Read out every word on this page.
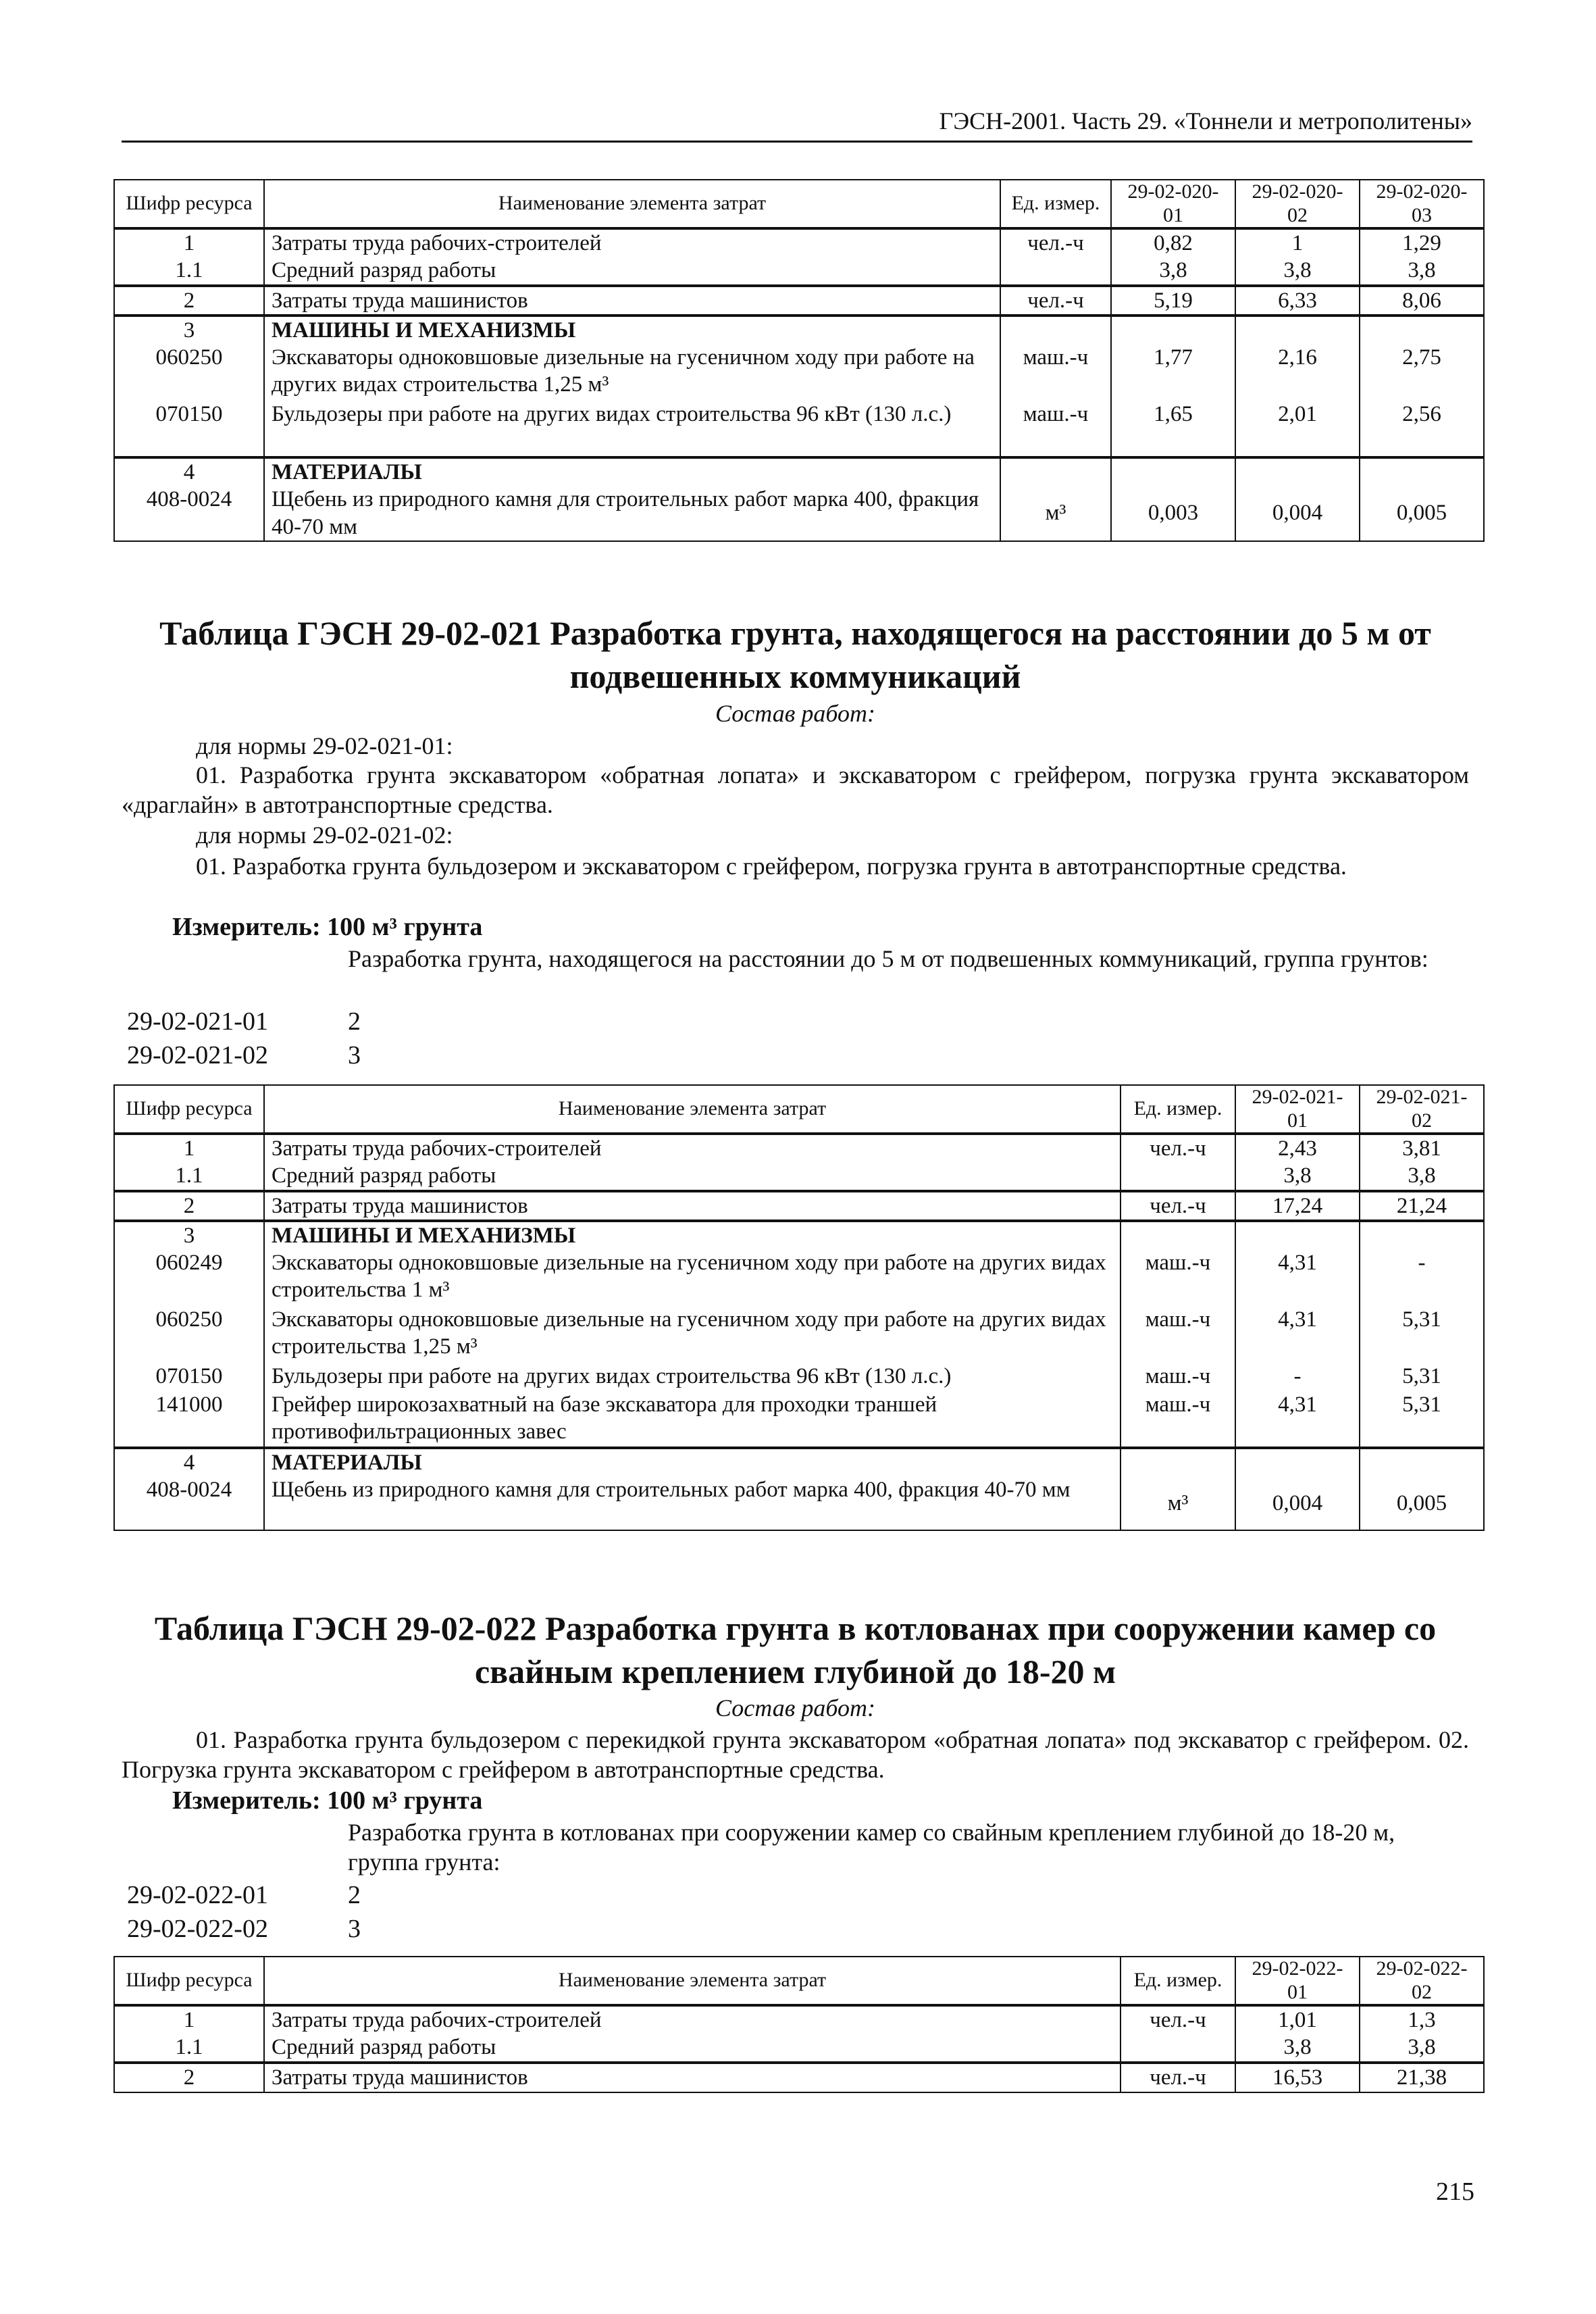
ГЭСН-2001. Часть 29. «Тоннели и метрополитены»
Шифр ресурса	Наименование элемента затрат	Ед. измер.	29-02-020-01	29-02-020-02	29-02-020-03
1	Затраты труда рабочих-строителей	чел.-ч	0,82	1	1,29
1.1	Средний разряд работы		3,8	3,8	3,8
2	Затраты труда машинистов	чел.-ч	5,19	6,33	8,06
3	МАШИНЫ И МЕХАНИЗМЫ				
060250	Экскаваторы одноковшовые дизельные на гусеничном ходу при работе на других видах строительства 1,25 м³	маш.-ч	1,77	2,16	2,75
070150	Бульдозеры при работе на других видах строительства 96 кВт (130 л.с.)	маш.-ч	1,65	2,01	2,56
4	МАТЕРИАЛЫ				
408-0024	Щебень из природного камня для строительных работ марка 400, фракция 40-70 мм	м³	0,003	0,004	0,005
Таблица ГЭСН 29-02-021 Разработка грунта, находящегося на расстоянии до 5 м от
подвешенных коммуникаций
Состав работ:
для нормы 29-02-021-01:
01. Разработка грунта экскаватором «обратная лопата» и экскаватором с грейфером, погрузка грунта экскаватором «драглайн» в автотранспортные средства.
для нормы 29-02-021-02:
01. Разработка грунта бульдозером и экскаватором с грейфером, погрузка грунта в автотранспортные средства.
Измеритель: 100 м³ грунта
Разработка грунта, находящегося на расстоянии до 5 м от подвешенных коммуникаций, группа грунтов:
29-02-021-01	2
29-02-021-02	3
Шифр ресурса	Наименование элемента затрат	Ед. измер.	29-02-021-01	29-02-021-02
1	Затраты труда рабочих-строителей	чел.-ч	2,43	3,81
1.1	Средний разряд работы		3,8	3,8
2	Затраты труда машинистов	чел.-ч	17,24	21,24
3	МАШИНЫ И МЕХАНИЗМЫ			
060249	Экскаваторы одноковшовые дизельные на гусеничном ходу при работе на других видах строительства 1 м³	маш.-ч	4,31	-
060250	Экскаваторы одноковшовые дизельные на гусеничном ходу при работе на других видах строительства 1,25 м³	маш.-ч	4,31	5,31
070150	Бульдозеры при работе на других видах строительства 96 кВт (130 л.с.)	маш.-ч	-	5,31
141000	Грейфер широкозахватный на базе экскаватора для проходки траншей противофильтрационных завес	маш.-ч	4,31	5,31
4	МАТЕРИАЛЫ			
408-0024	Щебень из природного камня для строительных работ марка 400, фракция 40-70 мм	м³	0,004	0,005
Таблица ГЭСН 29-02-022 Разработка грунта в котлованах при сооружении камер со
свайным креплением глубиной до 18-20 м
Состав работ:
01. Разработка грунта бульдозером с перекидкой грунта экскаватором «обратная лопата» под экскаватор с грейфером. 02. Погрузка грунта экскаватором с грейфером в автотранспортные средства.
Измеритель: 100 м³ грунта
Разработка грунта в котлованах при сооружении камер со свайным креплением глубиной до 18-20 м, группа грунта:
29-02-022-01	2
29-02-022-02	3
Шифр ресурса	Наименование элемента затрат	Ед. измер.	29-02-022-01	29-02-022-02
1	Затраты труда рабочих-строителей	чел.-ч	1,01	1,3
1.1	Средний разряд работы		3,8	3,8
2	Затраты труда машинистов	чел.-ч	16,53	21,38
215
